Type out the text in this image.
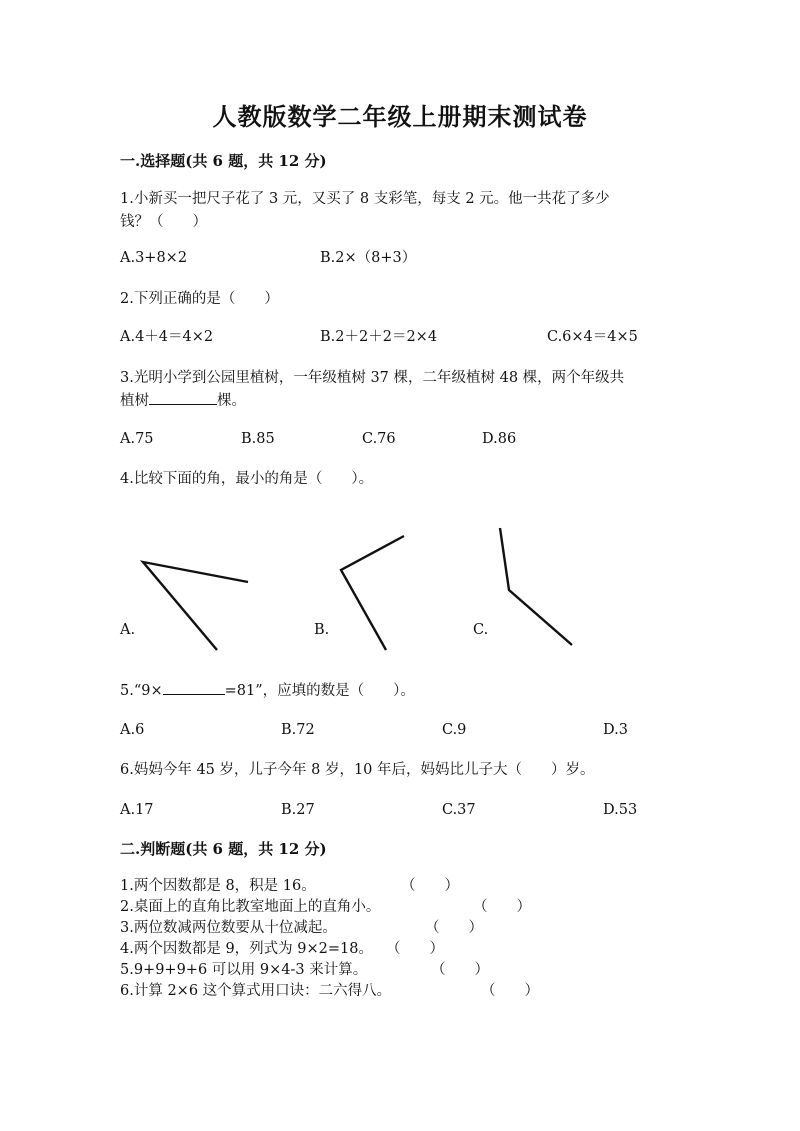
人教版数学二年级上册期末测试卷
一.选择题(共 6 题，共 12 分)
1.小新买一把尺子花了 3 元，又买了 8 支彩笔，每支 2 元。他一共花了多少
钱？（　　）
A.3+8×2	B.2×（8+3）
2.下列正确的是（　　）
A.4＋4＝4×2	B.2＋2＋2＝2×4	C.6×4＝4×5
3.光明小学到公园里植树，一年级植树 37 棵，二年级植树 48 棵，两个年级共
植树	棵。
A.75	B.85	C.76	D.86
4.比较下面的角，最小的角是（　　）。
A.	B.	C.
5.“9×	=81”，应填的数是（　　）。
A.6	B.72	C.9	D.3
6.妈妈今年 45 岁，儿子今年 8 岁，10 年后，妈妈比儿子大（　　）岁。
A.17	B.27	C.37	D.53
二.判断题(共 6 题，共 12 分)
1.两个因数都是 8，积是 16。	（　　）
2.桌面上的直角比教室地面上的直角小。	（　　）
3.两位数减两位数要从十位减起。	（　　）
4.两个因数都是 9，列式为 9×2=18。 （　　）
5.9+9+9+6 可以用 9×4-3 来计算。	（　　）
6.计算 2×6 这个算式用口诀：二六得八。	（　　）
